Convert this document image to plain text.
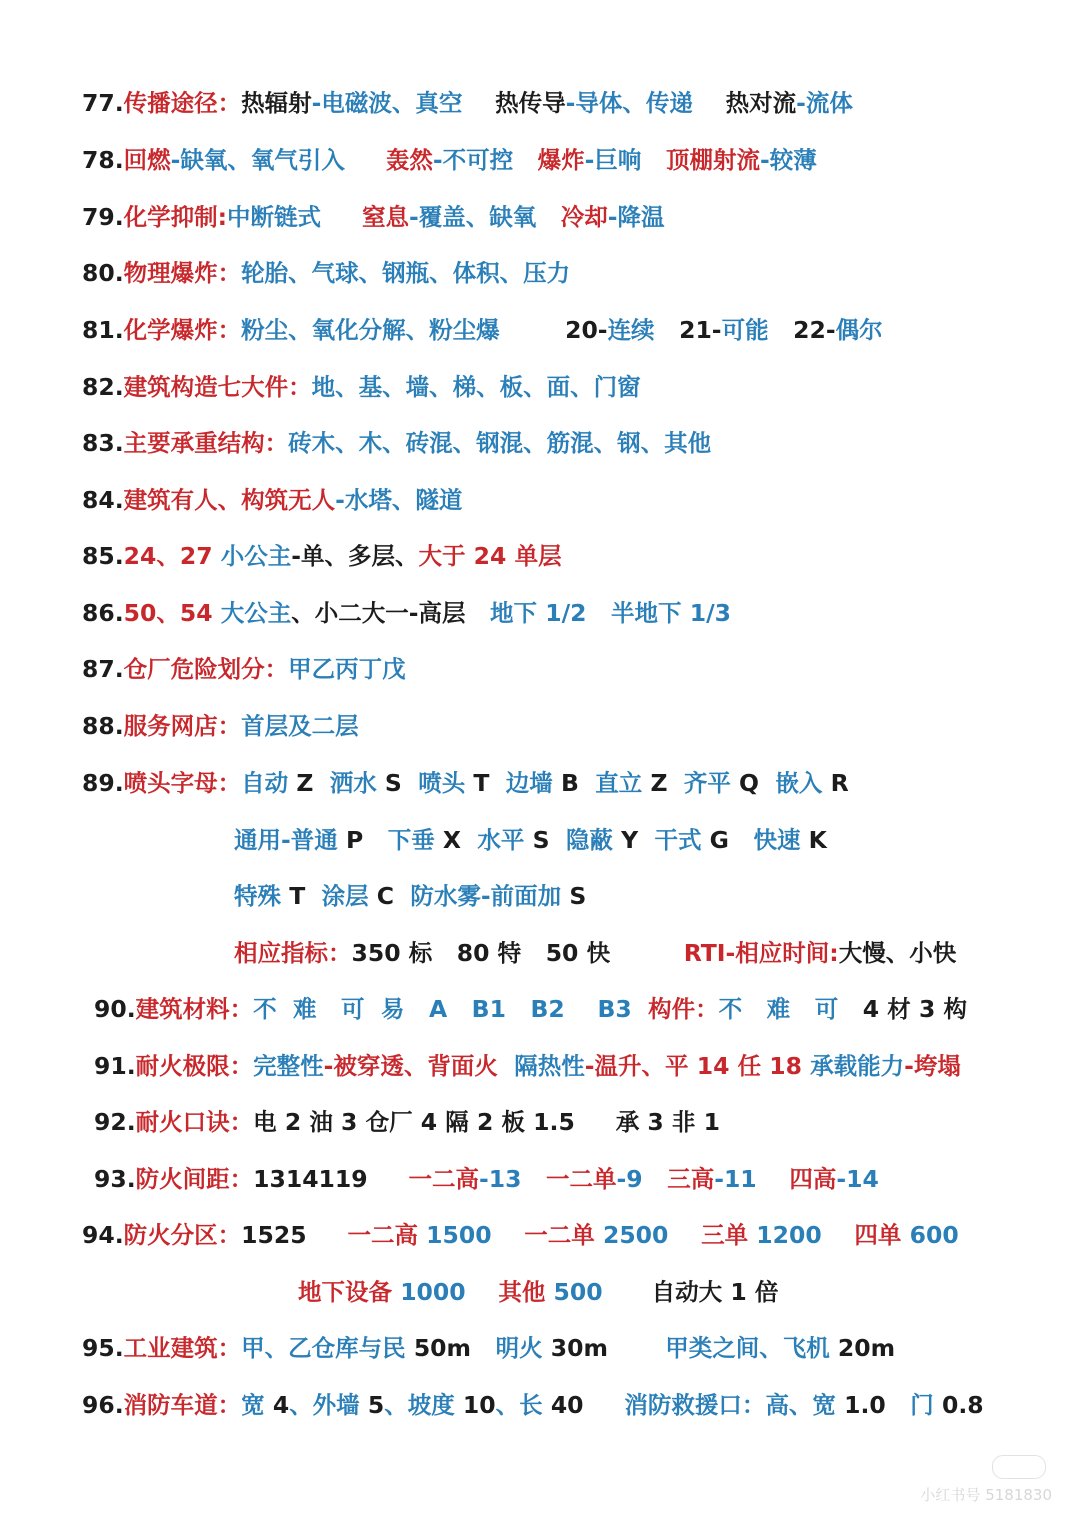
77.传播途径：热辐射-电磁波、真空    热传导-导体、传递    热对流-流体
78.回燃-缺氧、氧气引入     轰然-不可控   爆炸-巨响   顶棚射流-较薄
79.化学抑制:中断链式     窒息-覆盖、缺氧   冷却-降温
80.物理爆炸：轮胎、气球、钢瓶、体积、压力
81.化学爆炸：粉尘、氧化分解、粉尘爆        20-连续   21-可能   22-偶尔
82.建筑构造七大件：地、基、墙、梯、板、面、门窗
83.主要承重结构：砖木、木、砖混、钢混、筋混、钢、其他
84.建筑有人、构筑无人-水塔、隧道
85.24、27 小公主-单、多层、大于 24 单层
86.50、54 大公主、小二大一-高层   地下 1/2   半地下 1/3
87.仓厂危险划分：甲乙丙丁戊
88.服务网店：首层及二层
89.喷头字母：自动 Z  洒水 S  喷头 T  边墙 B  直立 Z  齐平 Q  嵌入 R
通用-普通 P   下垂 X  水平 S  隐蔽 Y  干式 G   快速 K
特殊 T  涂层 C  防水雾-前面加 S
相应指标：350 标   80 特   50 快         RTI-相应时间:大慢、小快
90.建筑材料：不  难   可  易   A   B1   B2    B3  构件：不   难   可   4 材 3 构
91.耐火极限：完整性-被穿透、背面火  隔热性-温升、平 14 任 18 承载能力-垮塌
92.耐火口诀：电 2 油 3 仓厂 4 隔 2 板 1.5     承 3 非 1
93.防火间距：1314119     一二高-13   一二单-9   三高-11    四高-14
94.防火分区：1525     一二高 1500    一二单 2500    三单 1200    四单 600
地下设备 1000    其他 500      自动大 1 倍
95.工业建筑：甲、乙仓库与民 50m   明火 30m       甲类之间、飞机 20m
96.消防车道：宽 4、外墙 5、坡度 10、长 40     消防救援口：高、宽 1.0   门 0.8
小红书号 5181830
